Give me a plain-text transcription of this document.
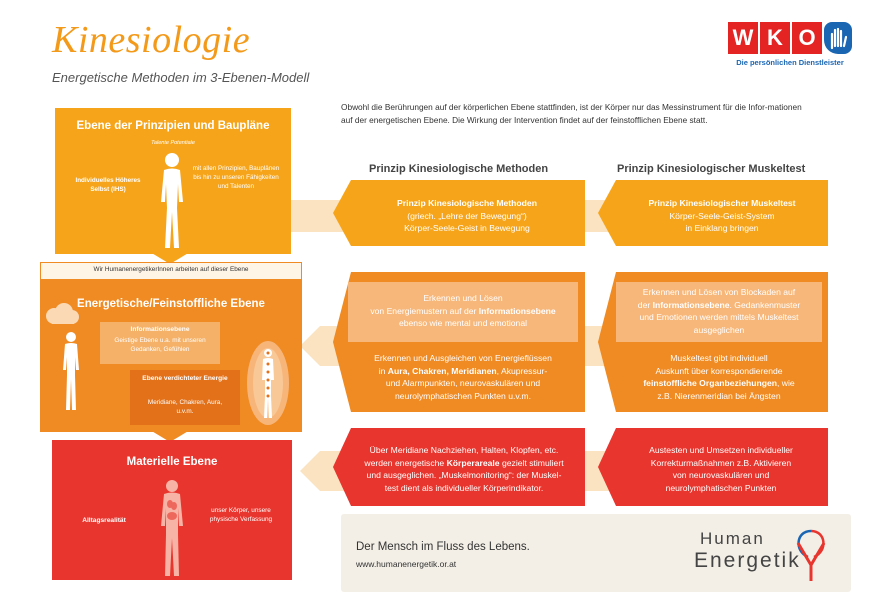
Kinesiologie
Energetische Methoden im 3-Ebenen-Modell
W K O
Die persönlichen Dienstleister
Obwohl die Berührungen auf der körperlichen Ebene stattfinden, ist der Körper nur das Messinstrument für die Infor-mationen auf der energetischen Ebene. Die Wirkung der Intervention findet auf der feinstofflichen Ebene statt.
Prinzip Kinesiologische Methoden	Prinzip Kinesiologischer Muskeltest
Ebene der Prinzipien und Baupläne
Individuelles Höheres Selbst (IHS)
mit allen Prinzipien, Bauplänen bis hin zu unseren Fähigkeiten und Talenten
Talente Potentiale
Wir HumanenergetikerInnen arbeiten auf dieser Ebene
Energetische/Feinstoffliche Ebene
Informationsebene
Geistige Ebene u.a. mit unseren Gedanken, Gefühlen
Ebene verdichteter Energie
Meridiane, Chakren, Aura, u.v.m.
Materielle Ebene
Alltagsrealität
unser Körper, unsere physische Verfassung
Prinzip Kinesiologische Methoden
(griech. „Lehre der Bewegung“)
Körper-Seele-Geist in Bewegung
Erkennen und Lösen
von Energiemustern auf der Informationsebene
ebenso wie mental und emotional
Erkennen und Ausgleichen von Energieflüssen
in Aura, Chakren, Meridianen, Akupressur-
und Alarmpunkten, neurovaskulären und
neurolymphatischen Punkten u.v.m.
Über Meridiane Nachziehen, Halten, Klopfen, etc.
werden energetische Körperareale gezielt stimuliert
und ausgeglichen. „Muskelmonitoring“: der Muskel-
test dient als individueller Körperindikator.
Prinzip Kinesiologischer Muskeltest
Körper-Seele-Geist-System
in Einklang bringen
Erkennen und Lösen von Blockaden auf
der Informationsebene. Gedankenmuster
und Emotionen werden mittels Muskeltest
ausgeglichen
Muskeltest gibt individuell
Auskunft über korrespondierende
feinstoffliche Organbeziehungen, wie
z.B. Nierenmeridian bei Ängsten
Austesten und Umsetzen individueller
Korrekturmaßnahmen z.B. Aktivieren
von neurovaskulären und
neurolymphatischen Punkten
Der Mensch im Fluss des Lebens.
www.humanenergetik.or.at
Human
Energetik
